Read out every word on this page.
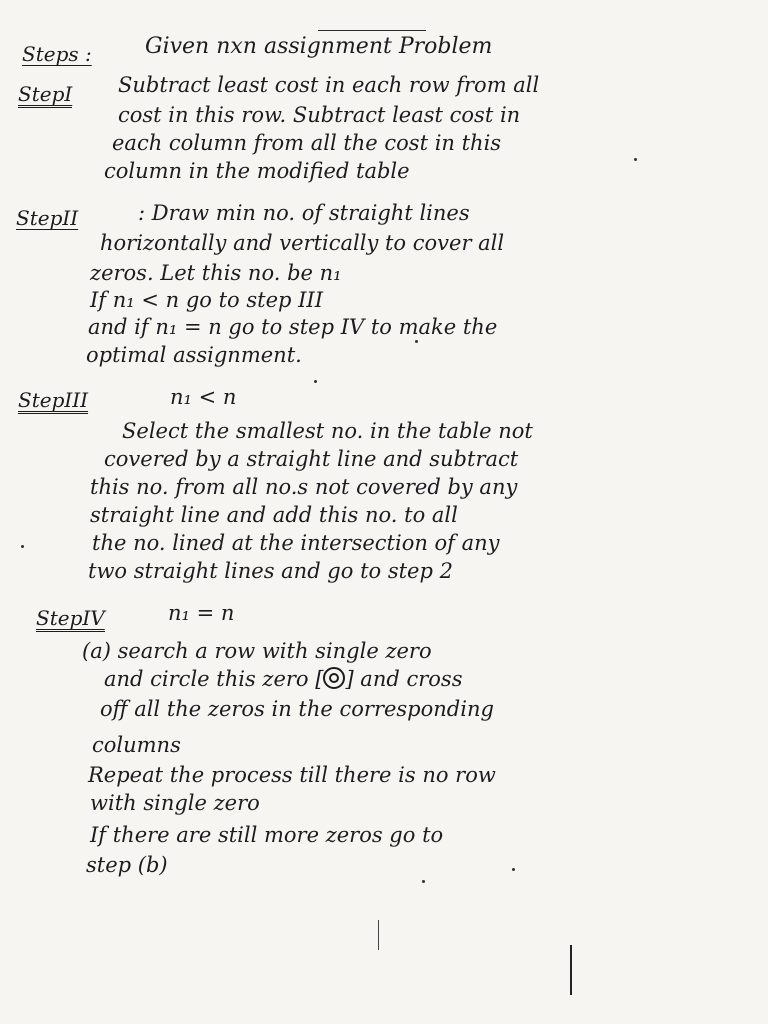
Steps : Given nxn assignment Problem
StepI Subtract least cost in each row from all
cost in this row. Subtract least cost in
each column from all the cost in this
column in the modified table
StepII	: Draw min no. of straight lines
horizontally and vertically to cover all
zeros. Let this no. be n₁
If n₁ < n go to step III
and if n₁ = n go to step IV to make the
optimal assignment.
StepIII	n₁ < n
Select the smallest no. in the table not
covered by a straight line and subtract
this no. from all no.s not covered by any
straight line and add this no. to all
the no. lined at the intersection of any
two straight lines and go to step 2
StepIV	n₁ = n
(a) search a row with single zero
and circle this zero [ ] and cross
off all the zeros in the corresponding
columns
Repeat the process till there is no row
with single zero
If there are still more zeros go to
step (b)
